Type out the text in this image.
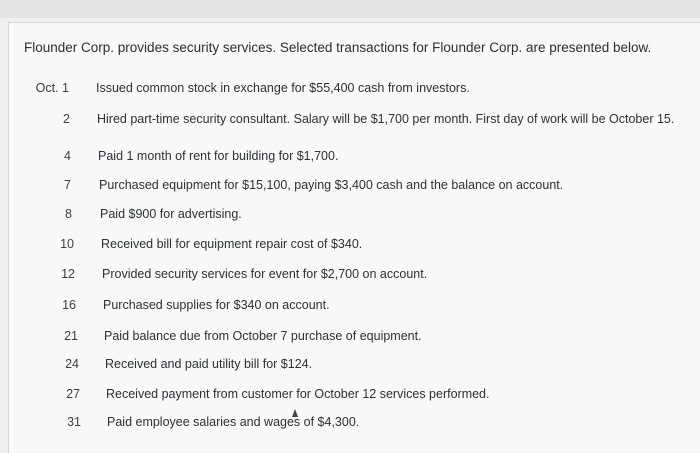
Flounder Corp. provides security services. Selected transactions for Flounder Corp. are presented below.
Oct. 1 Issued common stock in exchange for $55,400 cash from investors.
2 Hired part-time security consultant. Salary will be $1,700 per month. First day of work will be October 15.
4 Paid 1 month of rent for building for $1,700.
7 Purchased equipment for $15,100, paying $3,400 cash and the balance on account.
8 Paid $900 for advertising.
10 Received bill for equipment repair cost of $340.
12 Provided security services for event for $2,700 on account.
16 Purchased supplies for $340 on account.
21 Paid balance due from October 7 purchase of equipment.
24 Received and paid utility bill for $124.
27 Received payment from customer for October 12 services performed.
31 Paid employee salaries and wages of $4,300.
